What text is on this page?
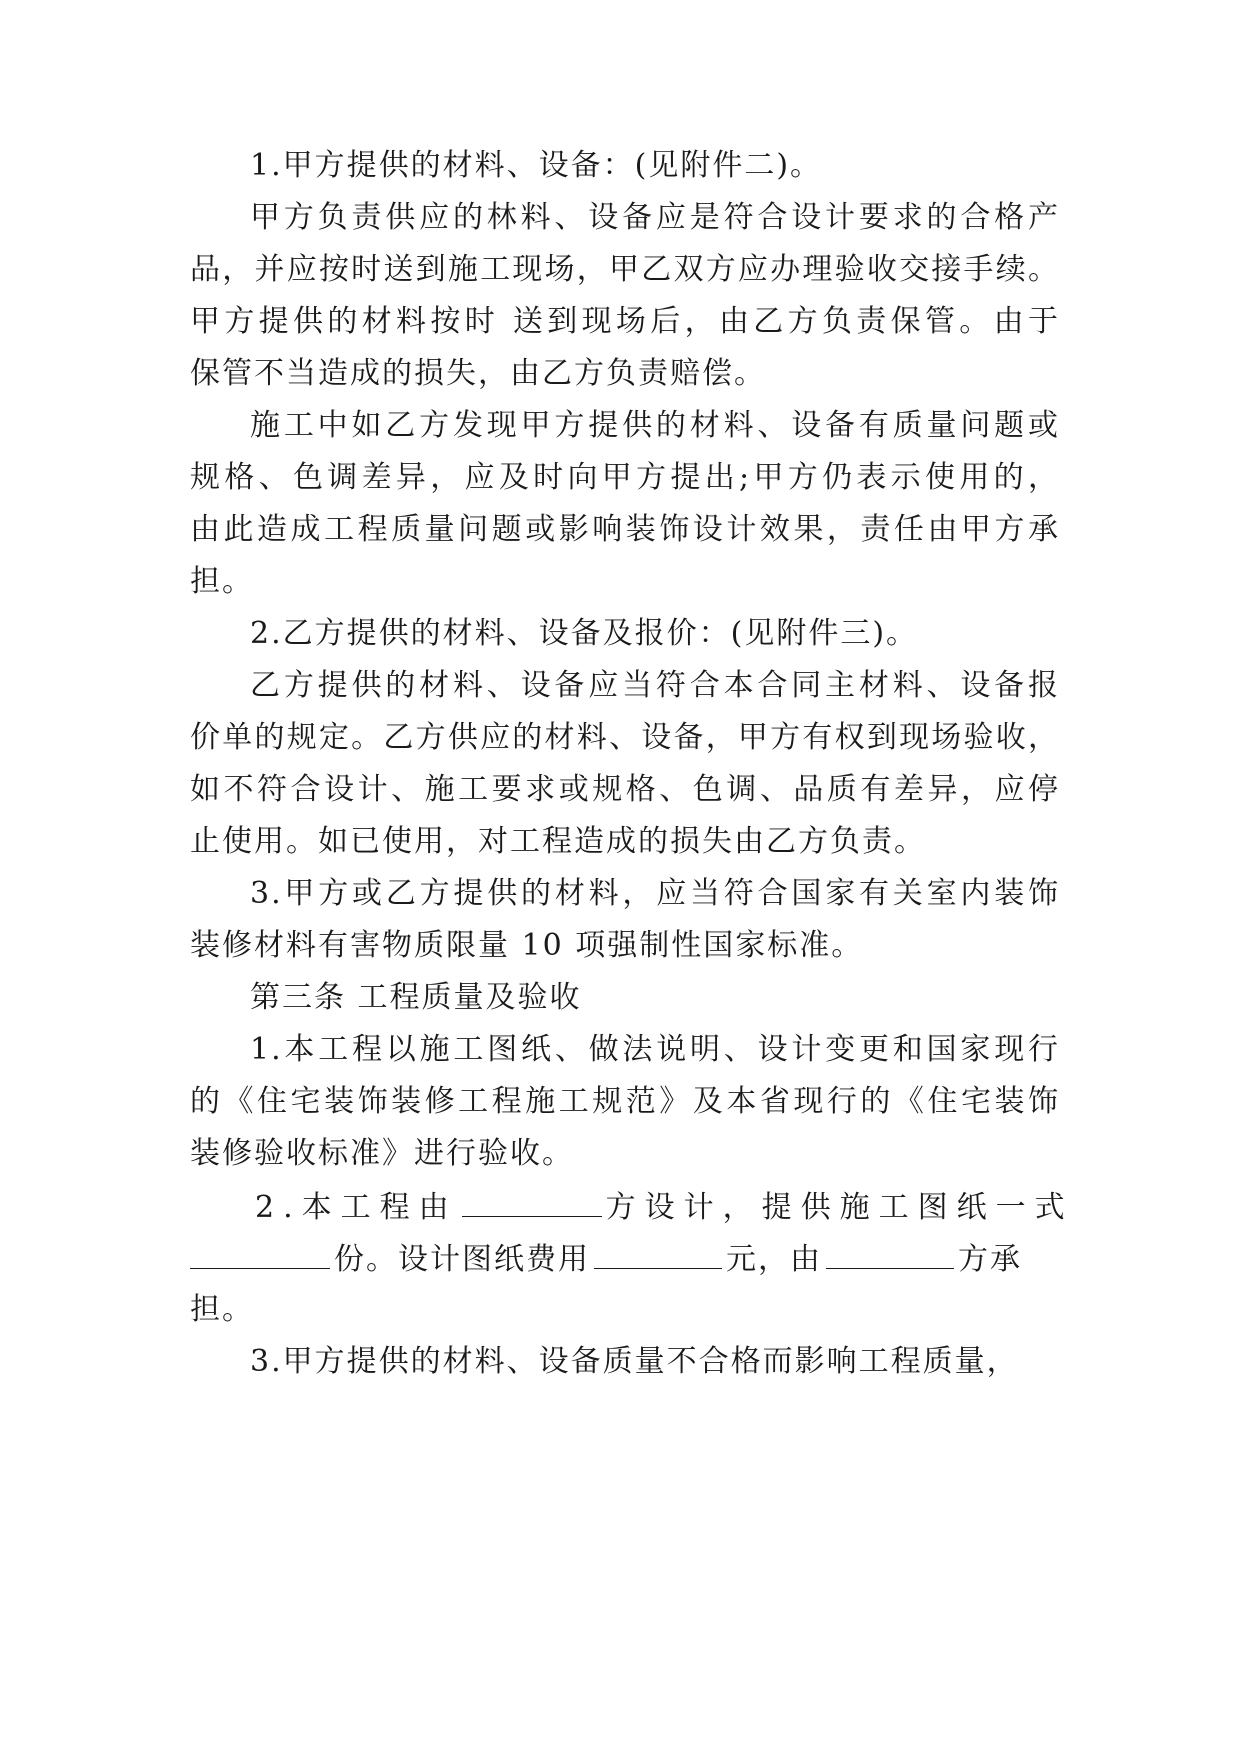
1.甲方提供的材料、设备：(见附件二)。
甲方负责供应的林料、设备应是符合设计要求的合格产
品，并应按时送到施工现场，甲乙双方应办理验收交接手续。
甲方提供的材料按时 送到现场后，由乙方负责保管。由于
保管不当造成的损失，由乙方负责赔偿。
施工中如乙方发现甲方提供的材料、设备有质量问题或
规格、色调差异，应及时向甲方提出;甲方仍表示使用的，
由此造成工程质量问题或影响装饰设计效果，责任由甲方承
担。
2.乙方提供的材料、设备及报价：(见附件三)。
乙方提供的材料、设备应当符合本合同主材料、设备报
价单的规定。乙方供应的材料、设备，甲方有权到现场验收，
如不符合设计、施工要求或规格、色调、品质有差异，应停
止使用。如已使用，对工程造成的损失由乙方负责。
3.甲方或乙方提供的材料，应当符合国家有关室内装饰
装修材料有害物质限量 10 项强制性国家标准。
第三条 工程质量及验收
1.本工程以施工图纸、做法说明、设计变更和国家现行
的《住宅装饰装修工程施工规范》及本省现行的《住宅装饰
装修验收标准》进行验收。
2.本工程由	方设计，提供施工图纸一式
份。设计图纸费用	元，由	方承
担。
3.甲方提供的材料、设备质量不合格而影响工程质量，
